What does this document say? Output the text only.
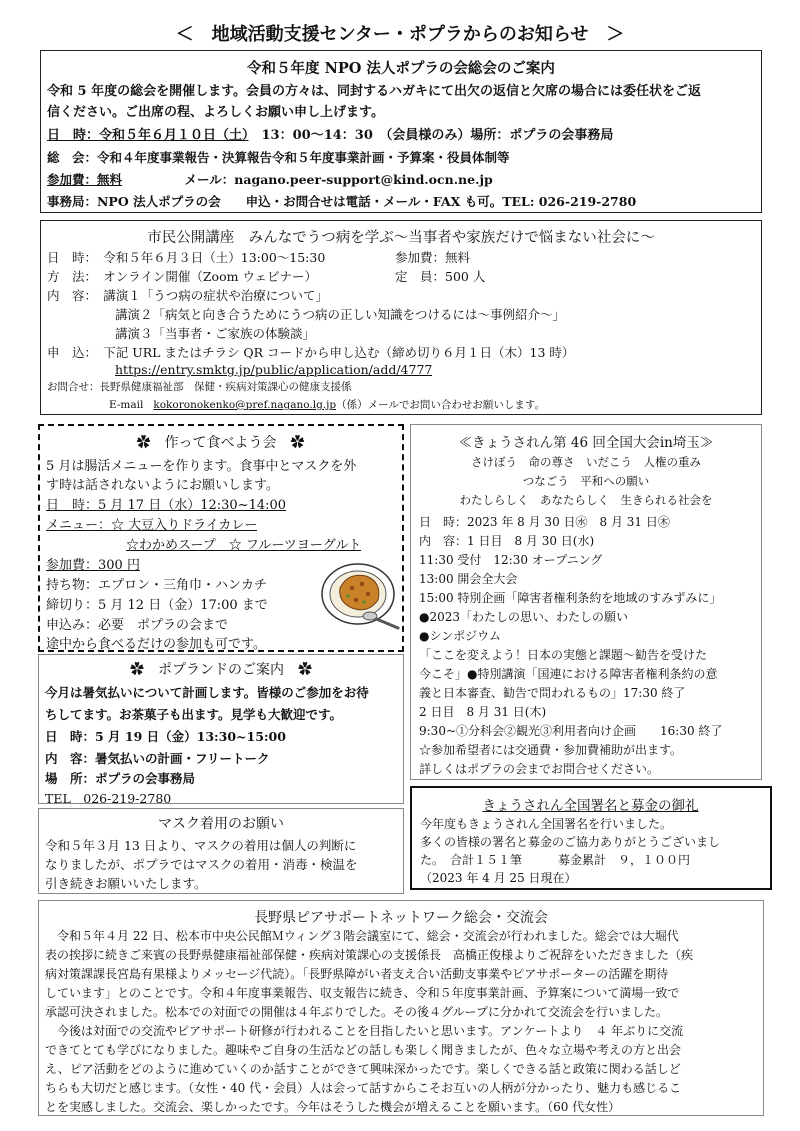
＜　地域活動支援センター・ポプラからのお知らせ　＞
令和５年度 NPO 法人ポプラの会総会のご案内
令和 5 年度の総会を開催します。会員の方々は、同封するハガキにて出欠の返信と欠席の場合には委任状をご返
信ください。ご出席の程、よろしくお願い申し上げます。
日　時：令和５年６月１０日（土）　13：00～14：30　（会員様のみ）場所：ポプラの会事務局
総　会：令和４年度事業報告・決算報告令和５年度事業計画・予算案・役員体制等
参加費：無料　　　　　メール：nagano.peer-support@kind.ocn.ne.jp
事務局：NPO 法人ポプラの会　　申込・お問合せは電話・メール・FAX も可。TEL: 026-219-2780
市民公開講座　みんなでうつ病を学ぶ～当事者や家族だけで悩まない社会に～
日　時：　令和５年６月３日（土）13:00～15:30	参加費：無料
方　法：　オンライン開催（Zoom ウェビナー）	定　員：500 人
内　容：　講演１「うつ病の症状や治療について」
講演２「病気と向き合うためにうつ病の正しい知識をつけるには～事例紹介～」
講演３「当事者・ご家族の体験談」
申　込：　下記 URL またはチラシ QR コードから申し込む（締め切り６月１日（木）13 時）
https://entry.smktg.jp/public/application/add/4777
お問合せ：長野県健康福祉部　保健・疾病対策課心の健康支援係
E-mail kokoronokenko@pref.nagano.lg.jp（係）メールでお問い合わせお願いします。
✿　 作って食べよう会　 ✿
5 月は腸活メニューを作ります。食事中とマスクを外
す時は話されないようにお願いします。
日　時：5 月 17 日（水）12:30~14:00
メニュー：☆ 大豆入りドライカレー
☆わかめスープ　☆ フルーツヨーグルト
参加費：300 円
持ち物：エプロン・三角巾・ハンカチ
締切り：5 月 12 日（金）17:00 まで
申込み：必要　ポプラの会まで
途中から食べるだけの参加も可です。
✿　 ポプランドのご案内　 ✿
今月は暑気払いについて計画します。皆様のご参加をお待
ちしてます。お茶菓子も出ます。見学も大歓迎です。
日　時：5 月 19 日（金）13:30~15:00
内　容：暑気払いの計画・フリートーク
場　所：ポプラの会事務局
TEL　026-219-2780
マスク着用のお願い
令和５年３月 13 日より、マスクの着用は個人の判断に
なりましたが、ポプラではマスクの着用・消毒・検温を
引き続きお願いいたします。
≪きょうされん第 46 回全国大会in埼玉≫
さけぼう　命の尊さ　いだこう　人権の重み
つなごう　平和への願い
わたしらしく　あなたらしく　生きられる社会を
日　時：2023 年 8 月 30 日㊌　8 月 31 日㊍
内　容：1 日目　8 月 30 日(水)
11:30 受付　12:30 オープニング
13:00 開会全大会
15:00 特別企画「障害者権利条約を地域のすみずみに」
●2023「わたしの思い、わたしの願い
●シンポジウム
「ここを変えよう！日本の実態と課題～勧告を受けた
今こそ」●特別講演「国連における障害者権利条約の意
義と日本審査、勧告で問われるもの」17:30 終了
2 日目　8 月 31 日(木)
9:30~①分科会②観光③利用者向け企画　　16:30 終了
☆参加希望者には交通費・参加費補助が出ます。
詳しくはポプラの会までお問合せください。
きょうされん全国署名と募金の御礼
今年度もきょうされん全国署名を行いました。
多くの皆様の署名と募金のご協力ありがとうございまし
た。　合計１５１筆　　　募金累計　９，１００円
（2023 年 4 月 25 日現在）
長野県ピアサポートネットワーク総会・交流会
　令和５年４月 22 日、松本市中央公民館Ｍウィング３階会議室にて、総会・交流会が行われました。総会では大堀代
表の挨拶に続きご来賓の長野県健康福祉部保健・疾病対策課心の支援係長　高橋正俊様よりご祝辞をいただきました（疾
病対策課課長宮島有果様よりメッセージ代読）。「長野県障がい者支え合い活動支事業やピアサポーターの活躍を期待
しています」とのことです。令和４年度事業報告、収支報告に続き、令和５年度事業計画、予算案について満場一致で
承認可決されました。松本での対面での開催は４年ぶりでした。その後４グループに分かれて交流会を行いました。
　今後は対面での交流やピアサポート研修が行われることを目指したいと思います。アンケートより　４ 年ぶりに交流
できてとても学びになりました。趣味やご自身の生活などの話しも楽しく聞きましたが、色々な立場や考えの方と出会
え、ピア活動をどのように進めていくのか話すことができて興味深かったです。楽しくできる話と政策に関わる話しど
ちらも大切だと感じます。（女性・40 代・会員）人は会って話すからこそお互いの人柄が分かったり、魅力も感じるこ
とを実感しました。交流会、楽しかったです。今年はそうした機会が増えることを願います。（60 代女性）
